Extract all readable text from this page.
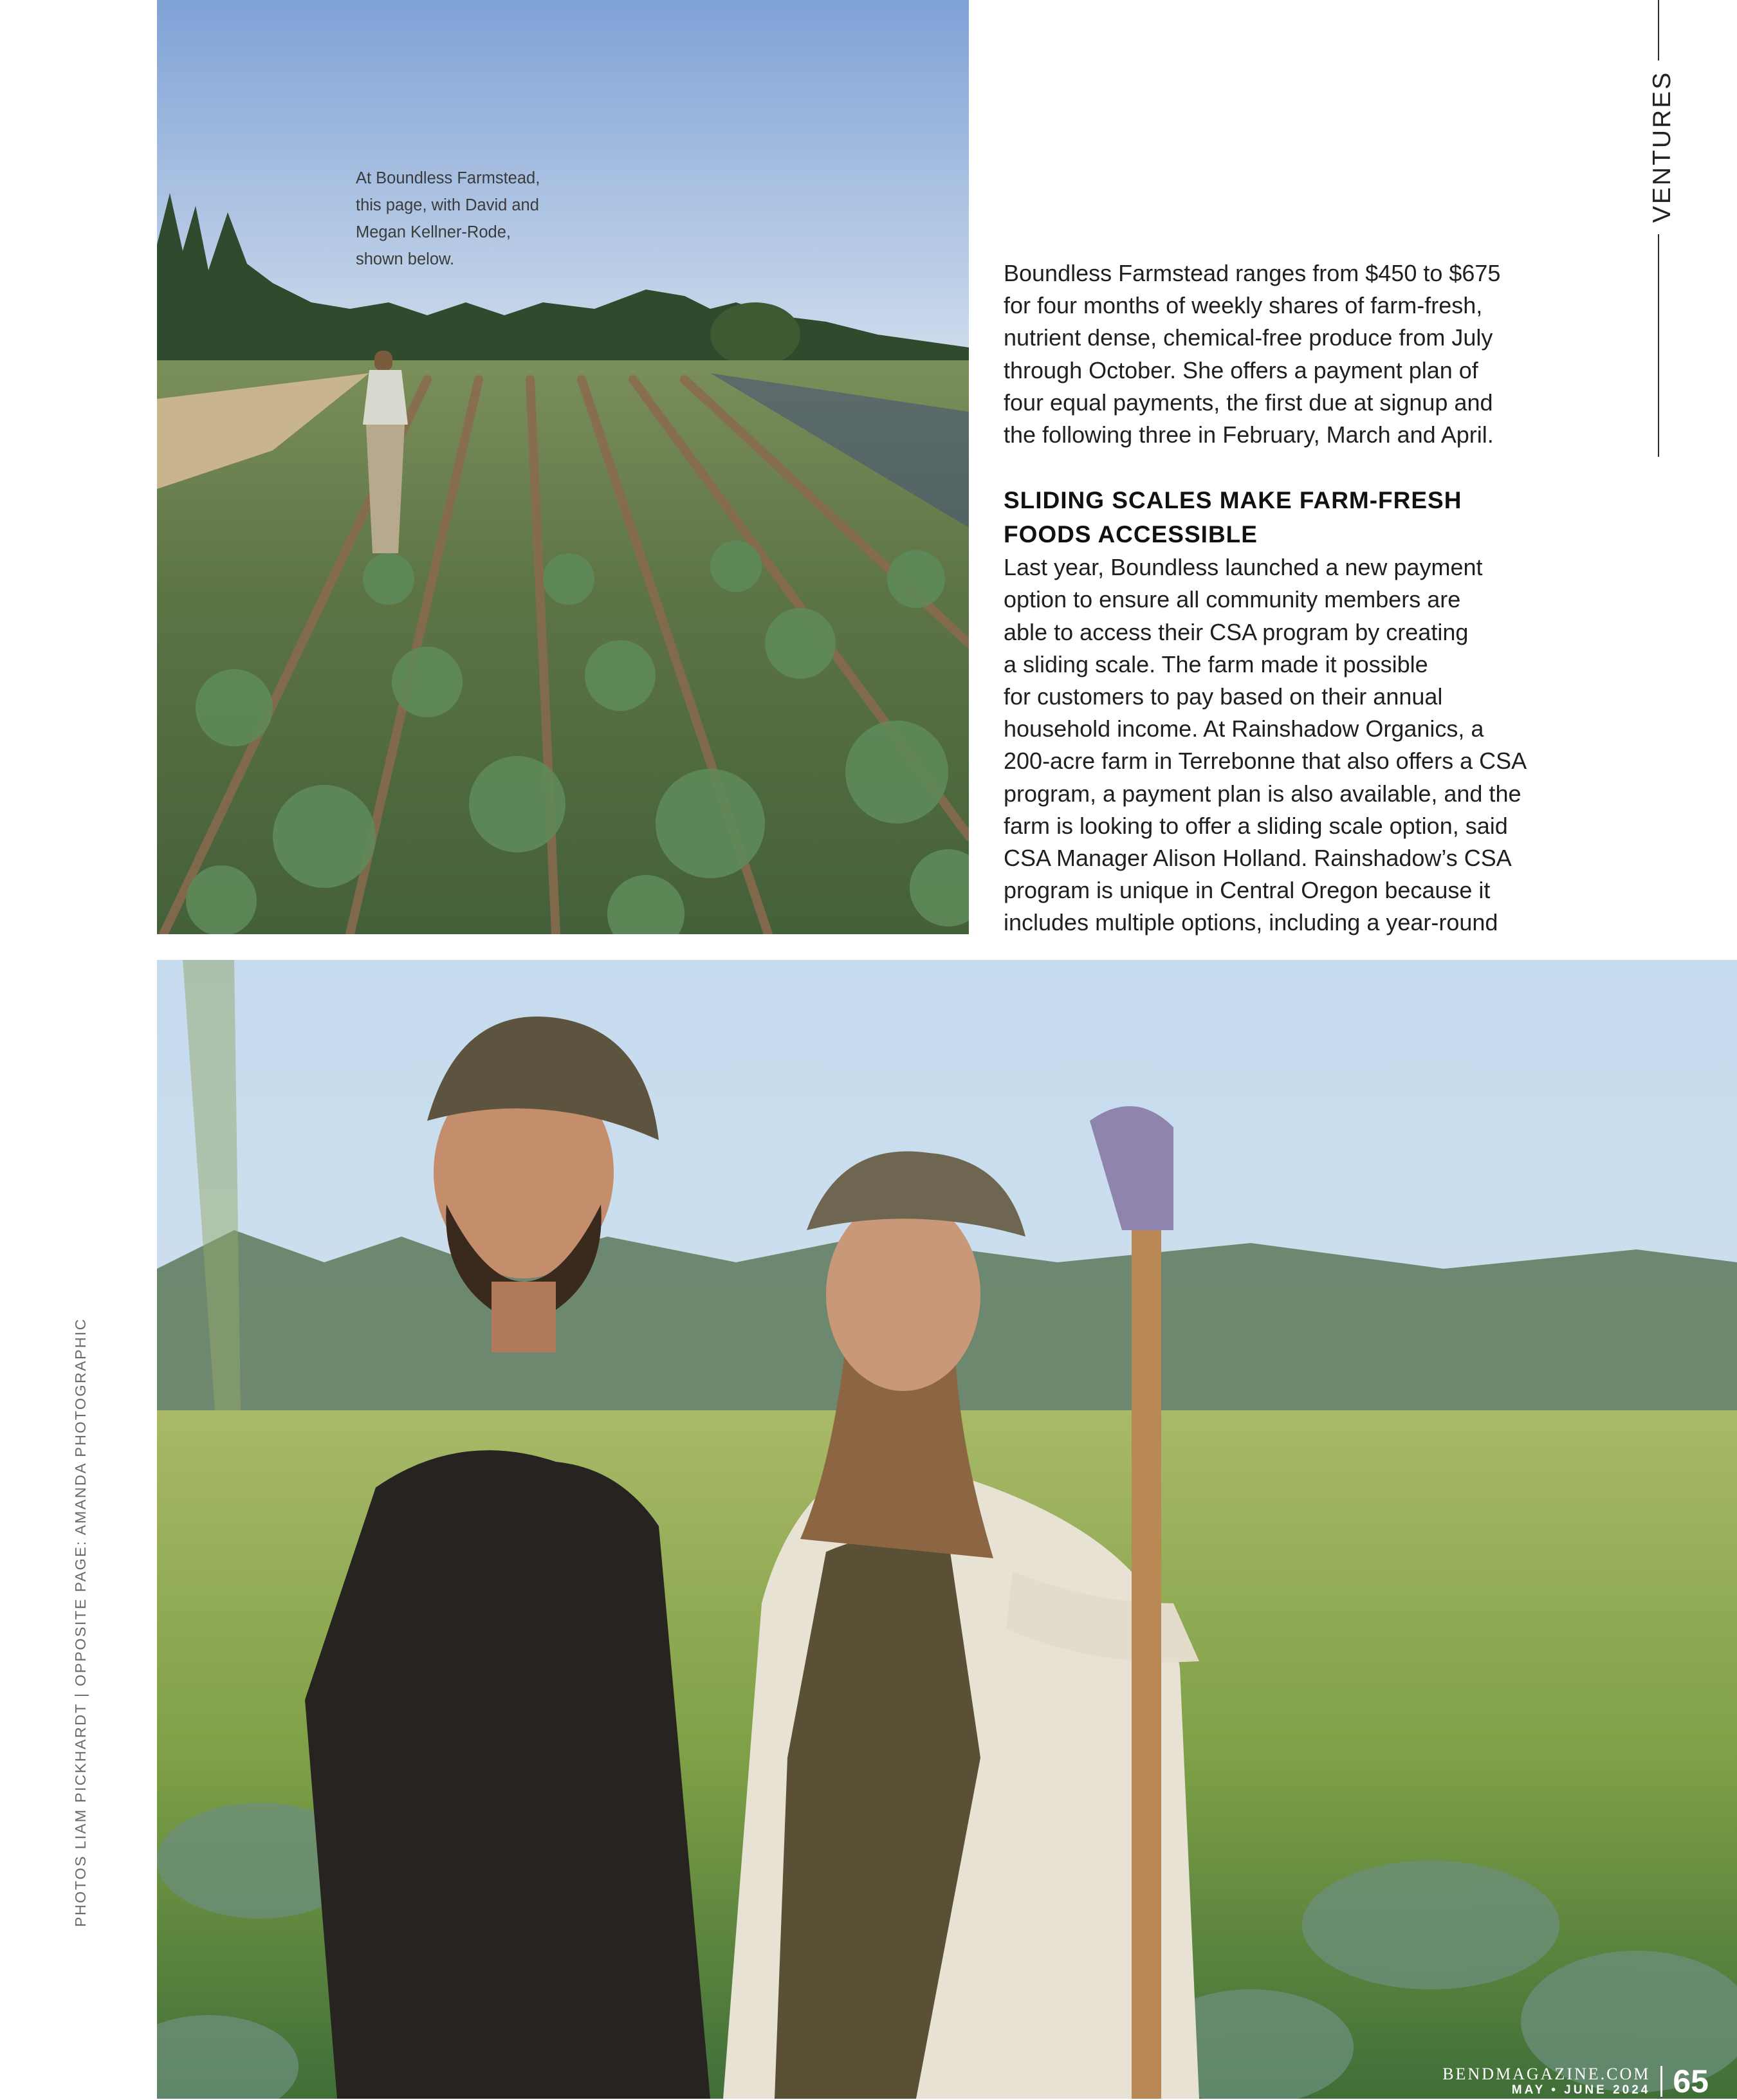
At Boundless Farmstead,
this page, with David and
Megan Kellner-Rode,
shown below.

Boundless Farmstead ranges from $450 to $675
for four months of weekly shares of farm-fresh,
nutrient dense, chemical-free produce from July
through October. She offers a payment plan of
four equal payments, the first due at signup and
the following three in February, March and April.

SLIDING SCALES MAKE FARM-FRESH
FOODS ACCESSIBLE

Last year, Boundless launched a new payment
option to ensure all community members are
able to access their CSA program by creating
a sliding scale. The farm made it possible
for customers to pay based on their annual
household income. At Rainshadow Organics, a
200-acre farm in Terrebonne that also offers a CSA
program, a payment plan is also available, and the
farm is looking to offer a sliding scale option, said
CSA Manager Alison Holland. Rainshadow’s CSA
program is unique in Central Oregon because it
includes multiple options, including a year-round

VENTURES
PHOTOS LIAM PICKHARDT | OPPOSITE PAGE: AMANDA PHOTOGRAPHIC
BENDMAGAZINE.COM
MAY • JUNE 2024 65
